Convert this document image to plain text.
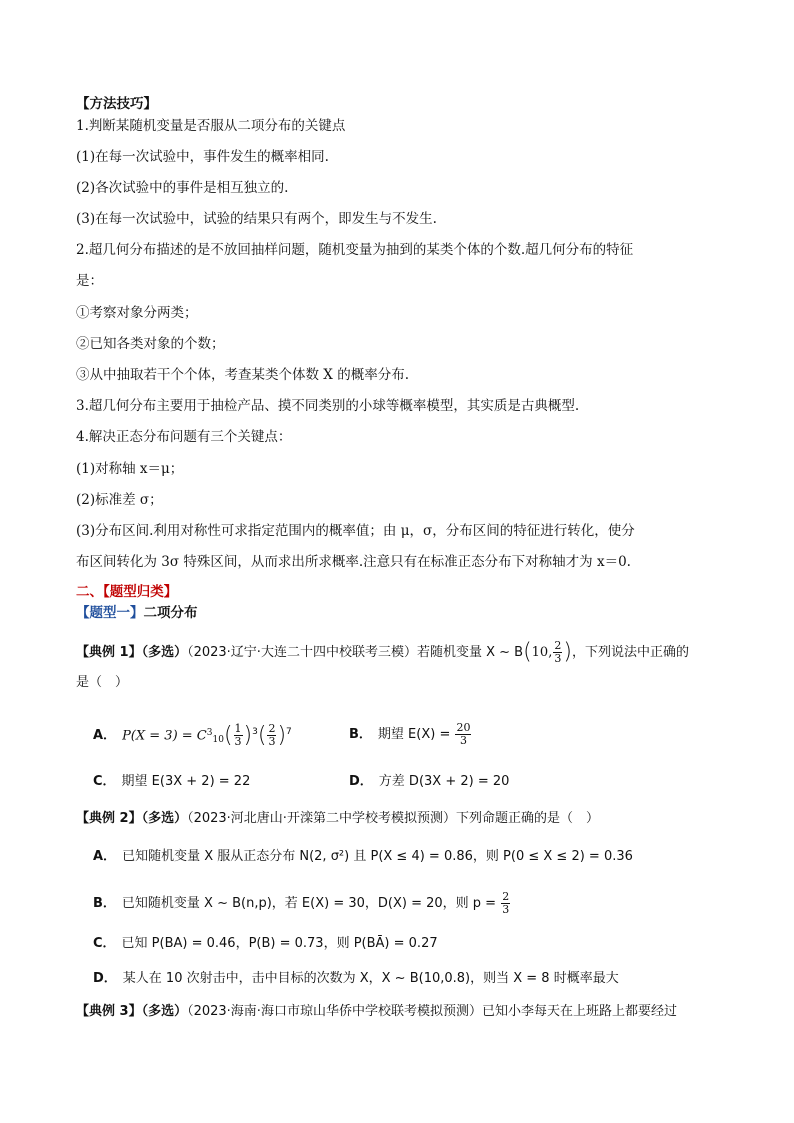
【方法技巧】
1.判断某随机变量是否服从二项分布的关键点
(1)在每一次试验中，事件发生的概率相同.
(2)各次试验中的事件是相互独立的.
(3)在每一次试验中，试验的结果只有两个，即发生与不发生.
2.超几何分布描述的是不放回抽样问题，随机变量为抽到的某类个体的个数.超几何分布的特征
是：
①考察对象分两类；
②已知各类对象的个数；
③从中抽取若干个个体，考查某类个体数 X 的概率分布.
3.超几何分布主要用于抽检产品、摸不同类别的小球等概率模型，其实质是古典概型.
4.解决正态分布问题有三个关键点：
(1)对称轴 x＝μ；
(2)标准差 σ；
(3)分布区间.利用对称性可求指定范围内的概率值；由 μ，σ，分布区间的特征进行转化，使分
布区间转化为 3σ 特殊区间，从而求出所求概率.注意只有在标准正态分布下对称轴才为 x＝0.
二、【题型归类】
【题型一】二项分布
【典例 1】（多选）（2023·辽宁·大连二十四中校联考三模）若随机变量 X ~ B(10, $\frac{2}{3}$ )，下列说法中正确的
是（　）
A． $P(X = 3) = C^3_{10}( \frac{1}{3} )^3( \frac{2}{3} )^7$	B． 期望 $E(X) = \frac{20}{3}$
C． 期望 E(3X + 2) = 22	D． 方差 D(3X + 2) = 20
【典例 2】（多选）（2023·河北唐山·开滦第二中学校考模拟预测）下列命题正确的是（　）
A． 已知随机变量 X 服从正态分布 N(2, σ²) 且 P(X ≤ 4) = 0.86，则 P(0 ≤ X ≤ 2) = 0.36
B． 已知随机变量 X ~ B(n,p)，若 E(X) = 30，D(X) = 20，则 $p = \frac{2}{3}$
C． 已知 P(BA) = 0.46，P(B) = 0.73，则 P(BĀ) = 0.27
D． 某人在 10 次射击中，击中目标的次数为 X，X ~ B(10,0.8)，则当 X = 8 时概率最大
【典例 3】（多选）（2023·海南·海口市琼山华侨中学校联考模拟预测）已知小李每天在上班路上都要经过
